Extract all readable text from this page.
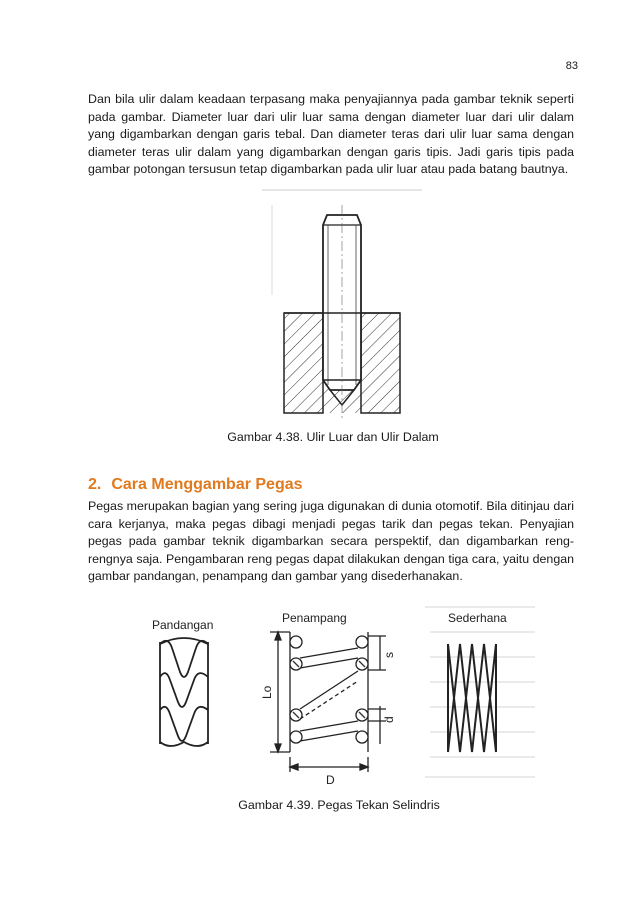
83

Dan bila ulir dalam keadaan terpasang maka penyajiannya pada gambar teknik seperti pada gambar. Diameter luar dari ulir luar sama dengan diameter luar dari ulir dalam yang digambarkan dengan garis tebal. Dan diameter teras dari ulir luar sama dengan diameter teras ulir dalam yang digambarkan dengan garis tipis. Jadi garis tipis pada gambar potongan tersusun tetap digambarkan pada ulir luar atau pada batang bautnya.

Gambar 4.38. Ulir Luar dan Ulir Dalam
2. Cara Menggambar Pegas

Pegas merupakan bagian yang sering juga digunakan di dunia otomotif. Bila ditinjau dari cara kerjanya, maka pegas dibagi menjadi pegas tarik dan pegas tekan. Penyajian pegas pada gambar teknik digambarkan secara perspektif, dan digambarkan reng-rengnya saja. Pengambaran reng pegas dapat dilakukan dengan tiga cara, yaitu dengan gambar pandangan, penampang dan gambar yang disederhanakan.

Pandangan	Penampang	Sederhana
Lo
s
d
D
Gambar 4.39. Pegas Tekan Selindris
